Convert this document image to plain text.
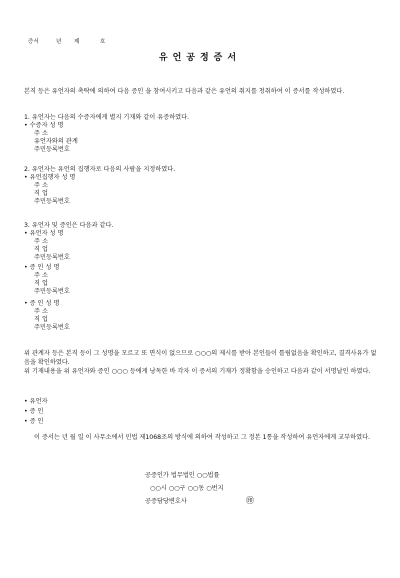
증서	년 제	호
유언공정증서
본직 등은 유언자의 촉탁에 의하여 다음 증인 을 참여시키고 다음과 같은 유언의 취지를 청취하여 이 증서를 작성하였다.
1. 유언자는 다음의 수증자에게 별지 기재와 같이 유증하였다.
• 수증자 성 명
주 소
유언자와의 관계
주민등록번호
2. 유언자는 유언의 집행자로 다음의 사람을 지정하였다.
• 유언집행자 성 명
주 소
직 업
주민등록번호
3. 유언자 및 증인은 다음과 같다.
• 유언자 성 명
주 소
직 업
주민등록번호
• 증 인 성 명
주 소
직 업
주민등록번호
• 증 인 성 명
주 소
직 업
주민등록번호
위 관계자 등은 본직 등이 그 성명을 모르고 또 면식이 없으므로 ○○○의 제시를 받아 본인들이 틀림없음을 확인하고, 결격사유가 없음을 확인하였다.
위 기재내용을 위 유언자와 증인 ○○○ 등에게 낭독한 바 각자 이 증서의 기재가 정확함을 승인하고 다음과 같이 서명날인 하였다.
• 유언자
• 증 인
• 증 인
이 증서는 년 월 일 이 사무소에서 민법 제1068조의 방식에 의하여 작성하고 그 정본 1통을 작성하여 유언자에게 교부하였다.
공증인가 법무법인 ○○법률
○○시 ○○구 ○○동 ○번지
공증담당변호사	㊞
